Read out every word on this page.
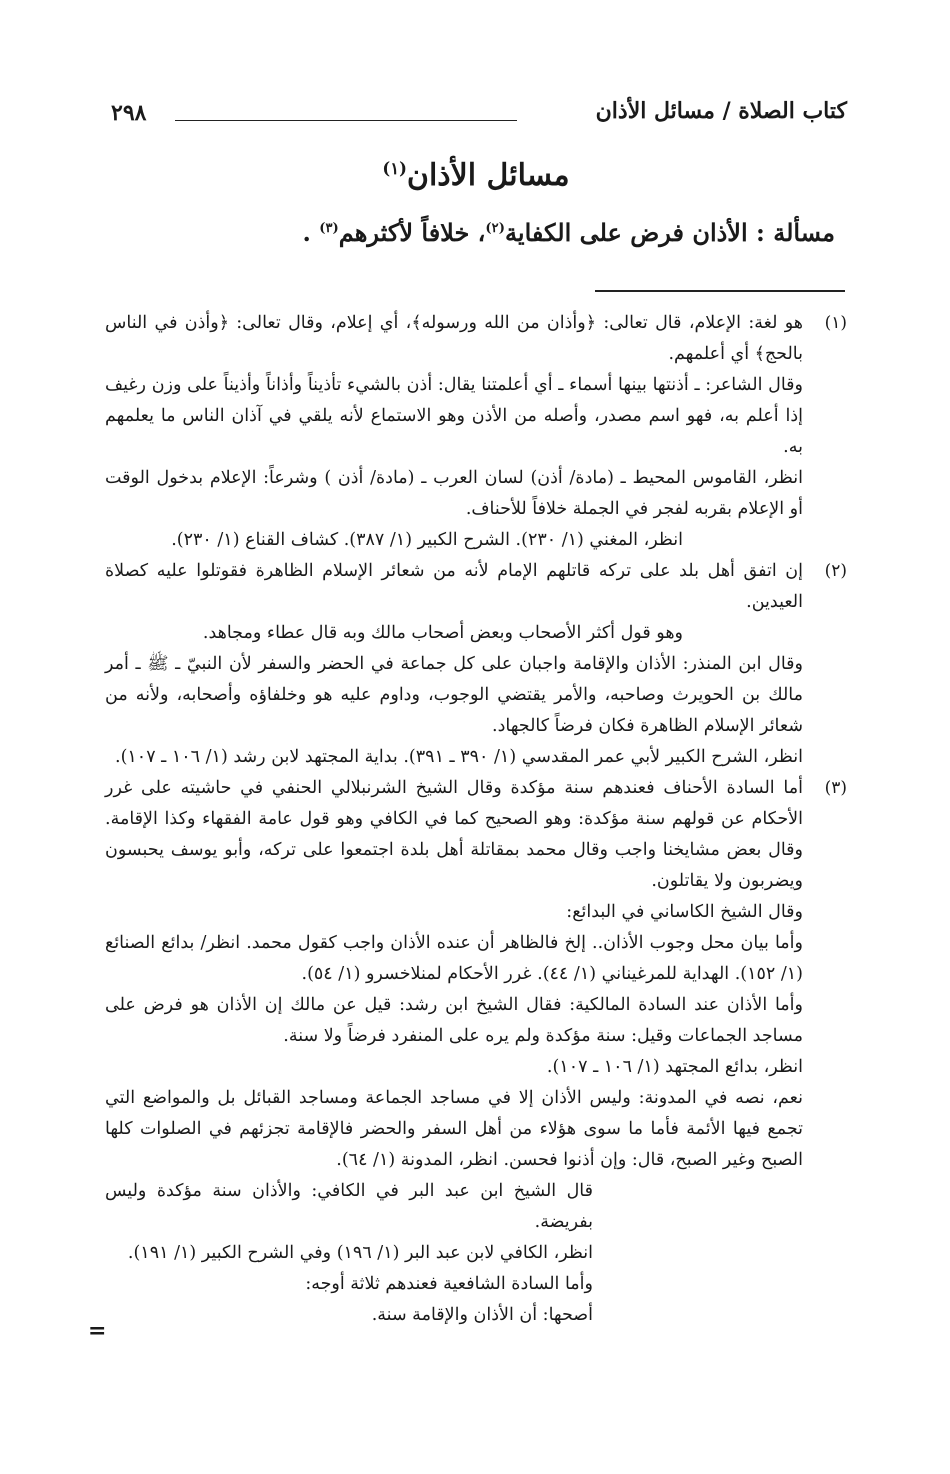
٢٩٨	كتاب الصلاة / مسائل الأذان
مسائل الأذان$^{(١)}$
مسألة : الأذان فرض على الكفاية$^{(٢)}$، خلافاً لأكثرهم$^{(٣)}$ .
(١)

هو لغة: الإعلام، قال تعالى: ﴿وأذان من الله ورسوله﴾، أي إعلام، وقال تعالى: ﴿وأذن في الناس بالحج﴾ أي أعلمهم.

وقال الشاعر: ـ أذنتها بينها أسماء ـ أي أعلمتنا يقال: أذن بالشيء تأذيناً وأذاناً وأذيناً على وزن رغيف إذا أعلم به، فهو اسم مصدر، وأصله من الأذن وهو الاستماع لأنه يلقي في آذان الناس ما يعلمهم به.

انظر، القاموس المحيط ـ (مادة/ أذن) لسان العرب ـ (مادة/ أذن ) وشرعاً: الإعلام بدخول الوقت أو الإعلام بقربه لفجر في الجملة خلافاً للأحناف.

انظر، المغني (١/ ٢٣٠). الشرح الكبير (١/ ٣٨٧). كشاف القناع (١/ ٢٣٠).

(٢)

إن اتفق أهل بلد على تركه قاتلهم الإمام لأنه من شعائر الإسلام الظاهرة فقوتلوا عليه كصلاة العيدين.

وهو قول أكثر الأصحاب وبعض أصحاب مالك وبه قال عطاء ومجاهد.

وقال ابن المنذر: الأذان والإقامة واجبان على كل جماعة في الحضر والسفر لأن النبيّ ـ ﷺ ـ أمر مالك بن الحويرث وصاحبه، والأمر يقتضي الوجوب، وداوم عليه هو وخلفاؤه وأصحابه، ولأنه من شعائر الإسلام الظاهرة فكان فرضاً كالجهاد.

انظر، الشرح الكبير لأبي عمر المقدسي (١/ ٣٩٠ ـ ٣٩١). بداية المجتهد لابن رشد (١/ ١٠٦ ـ ١٠٧).

(٣)

أما السادة الأحناف فعندهم سنة مؤكدة وقال الشيخ الشرنبلالي الحنفي في حاشيته على غرر الأحكام عن قولهم سنة مؤكدة: وهو الصحيح كما في الكافي وهو قول عامة الفقهاء وكذا الإقامة. وقال بعض مشايخنا واجب وقال محمد بمقاتلة أهل بلدة اجتمعوا على تركه، وأبو يوسف يحبسون ويضربون ولا يقاتلون.

وقال الشيخ الكاساني في البدائع:

وأما بيان محل وجوب الأذان.. إلخ فالظاهر أن عنده الأذان واجب كقول محمد. انظر/ بدائع الصنائع (١/ ١٥٢). الهداية للمرغيناني (١/ ٤٤). غرر الأحكام لمنلاخسرو (١/ ٥٤).

وأما الأذان عند السادة المالكية: فقال الشيخ ابن رشد: قيل عن مالك إن الأذان هو فرض على مساجد الجماعات وقيل: سنة مؤكدة ولم يره على المنفرد فرضاً ولا سنة.

انظر، بدائع المجتهد (١/ ١٠٦ ـ ١٠٧).

نعم، نصه في المدونة: وليس الأذان إلا في مساجد الجماعة ومساجد القبائل بل والمواضع التي تجمع فيها الأئمة فأما ما سوى هؤلاء من أهل السفر والحضر فالإقامة تجزئهم في الصلوات كلها الصبح وغير الصبح، قال: وإن أذنوا فحسن. انظر، المدونة (١/ ٦٤).

قال الشيخ ابن عبد البر في الكافي: والأذان سنة مؤكدة وليس بفريضة.

انظر، الكافي لابن عبد البر (١/ ١٩٦) وفي الشرح الكبير (١/ ١٩١).

وأما السادة الشافعية فعندهم ثلاثة أوجه:

أصحها: أن الأذان والإقامة سنة.

=
